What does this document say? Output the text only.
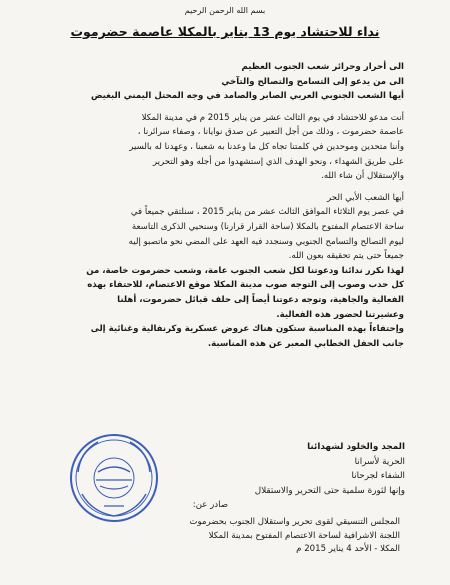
بسم الله الرحمن الرحيم
نداء للاحتشاد يوم 13 يناير بالمكلا عاصمة حضرموت
الى أحرار وحرائر شعب الجنوب العظيم
الى من يدعو إلى التسامح والتصالح والتآخي
أيها الشعب الجنوبي العربي الصابر والصامد في وجه المحتل اليمني البغيض
أنت مدعو للاحتشاد في يوم الثالث عشر من يناير 2015 م في مدينة المكلا
عاصمة حضرموت ، وذلك من أجل التعبير عن صدق نوايانا ، وصفاء سرائرنا ،
وأننا متحدين وموحدين في كلمتنا تجاه كل ما وعدنا به شعبنا ، وعهدنا له بالسير
على طريق الشهداء ، ونحو الهدف الذي إستشهدوا من أجله وهو التحرير
والإستقلال أن شاء الله.
أيها الشعب الأبي الحر
في عصر يوم الثلاثاء الموافق الثالث عشر من يناير 2015 ، سنلتقي جميعاً في
ساحة الاعتصام المفتوح بالمكلا (ساحة القرار قرارنا) وسنحيي الذكرى التاسعة
ليوم التصالح والتسامح الجنوبي وسنجدد فيه العهد على المضي نحو ماتصبو إليه
جميعاً حتى يتم تحقيقه بعون الله.
لهذا نكرر ندائنا ودعوتنا لكل شعب الجنوب عامة، وشعب حضرموت خاصة، من
كل حدب وصوب إلى التوجه صوب مدينة المكلا موقع الاعتصام، للاحتفاء بهذه
الفعالية والجاهية، وتوجه دعوتنا أيضاً إلى حلف قبائل حضرموت، أهلنا
وعشيرتنا لحضور هذه الفعالية.
وإحتفاءاً بهذه المناسبة ستكون هناك عروض عسكرية وكرنفالية وغنائية إلى
جانب الحفل الخطابي المعبر عن هذه المناسبة.
المجد والخلود لشهدائنا
الحرية لأسرانا
الشفاء لجرحانا
وإنها لثورة سلمية حتى التحرير والاستقلال
صادر عن:
المجلس التنسيقي لقوى تحرير واستقلال الجنوب بحضرموت
اللجنة الاشرافية لساحة الاعتصام المفتوح بمدينة المكلا
المكلا - الأحد 4 يناير 2015 م
